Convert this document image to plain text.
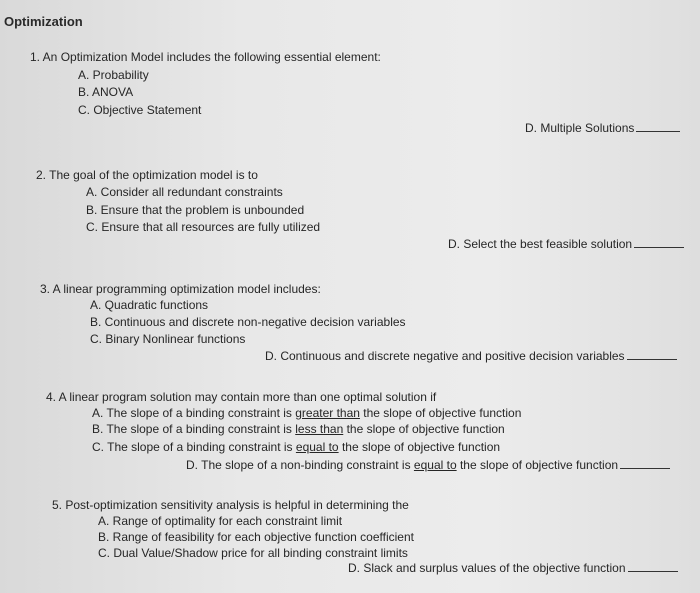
Optimization
1. An Optimization Model includes the following essential element:
A. Probability
B. ANOVA
C. Objective Statement
D. Multiple Solutions
2. The goal of the optimization model is to
A. Consider all redundant constraints
B. Ensure that the problem is unbounded
C. Ensure that all resources are fully utilized
D. Select the best feasible solution
3. A linear programming optimization model includes:
A. Quadratic functions
B. Continuous and discrete non-negative decision variables
C. Binary Nonlinear functions
D. Continuous and discrete negative and positive decision variables
4. A linear program solution may contain more than one optimal solution if
A. The slope of a binding constraint is greater than the slope of objective function
B. The slope of a binding constraint is less than the slope of objective function
C. The slope of a binding constraint is equal to the slope of objective function
D. The slope of a non-binding constraint is equal to the slope of objective function
5. Post-optimization sensitivity analysis is helpful in determining the
A. Range of optimality for each constraint limit
B. Range of feasibility for each objective function coefficient
C. Dual Value/Shadow price for all binding constraint limits
D. Slack and surplus values of the objective function
